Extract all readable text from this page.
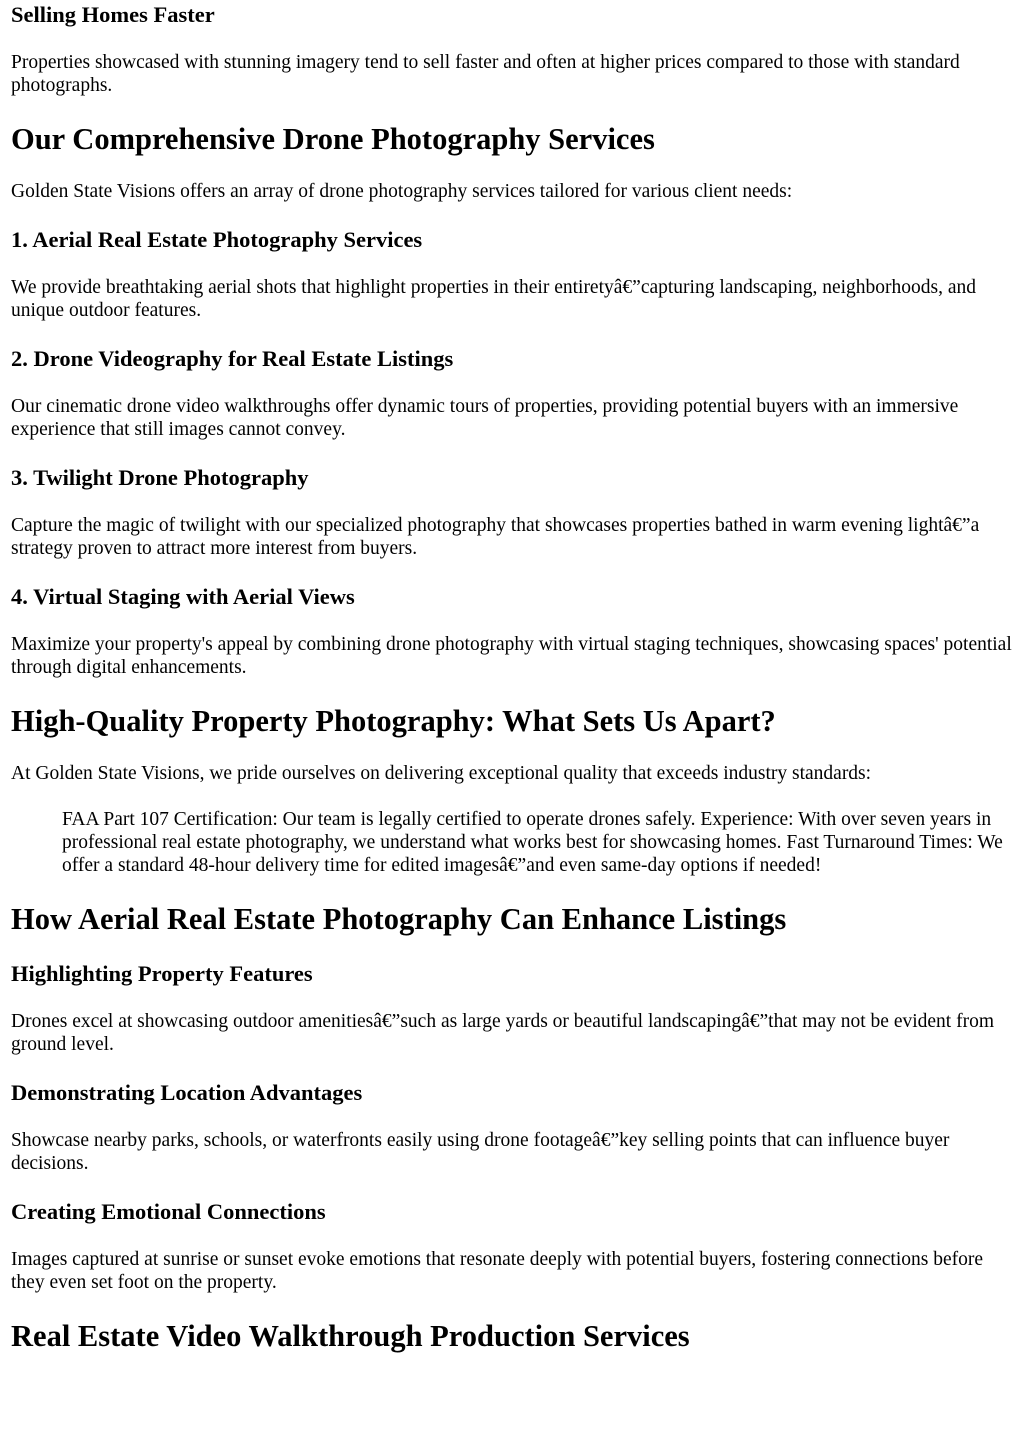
Selling Homes Faster

Properties showcased with stunning imagery tend to sell faster and often at higher prices compared to those with standard photographs.

Our Comprehensive Drone Photography Services

Golden State Visions offers an array of drone photography services tailored for various client needs:

1. Aerial Real Estate Photography Services

We provide breathtaking aerial shots that highlight properties in their entiretyâ€”capturing landscaping, neighborhoods, and unique outdoor features.

2. Drone Videography for Real Estate Listings

Our cinematic drone video walkthroughs offer dynamic tours of properties, providing potential buyers with an immersive experience that still images cannot convey.

3. Twilight Drone Photography

Capture the magic of twilight with our specialized photography that showcases properties bathed in warm evening lightâ€”a strategy proven to attract more interest from buyers.

4. Virtual Staging with Aerial Views

Maximize your property's appeal by combining drone photography with virtual staging techniques, showcasing spaces' potential through digital enhancements.

High-Quality Property Photography: What Sets Us Apart?

At Golden State Visions, we pride ourselves on delivering exceptional quality that exceeds industry standards:

FAA Part 107 Certification: Our team is legally certified to operate drones safely. Experience: With over seven years in professional real estate photography, we understand what works best for showcasing homes. Fast Turnaround Times: We offer a standard 48-hour delivery time for edited imagesâ€”and even same-day options if needed!
How Aerial Real Estate Photography Can Enhance Listings
Highlighting Property Features

Drones excel at showcasing outdoor amenitiesâ€”such as large yards or beautiful landscapingâ€”that may not be evident from ground level.

Demonstrating Location Advantages

Showcase nearby parks, schools, or waterfronts easily using drone footageâ€”key selling points that can influence buyer decisions.

Creating Emotional Connections

Images captured at sunrise or sunset evoke emotions that resonate deeply with potential buyers, fostering connections before they even set foot on the property.

Real Estate Video Walkthrough Production Services
